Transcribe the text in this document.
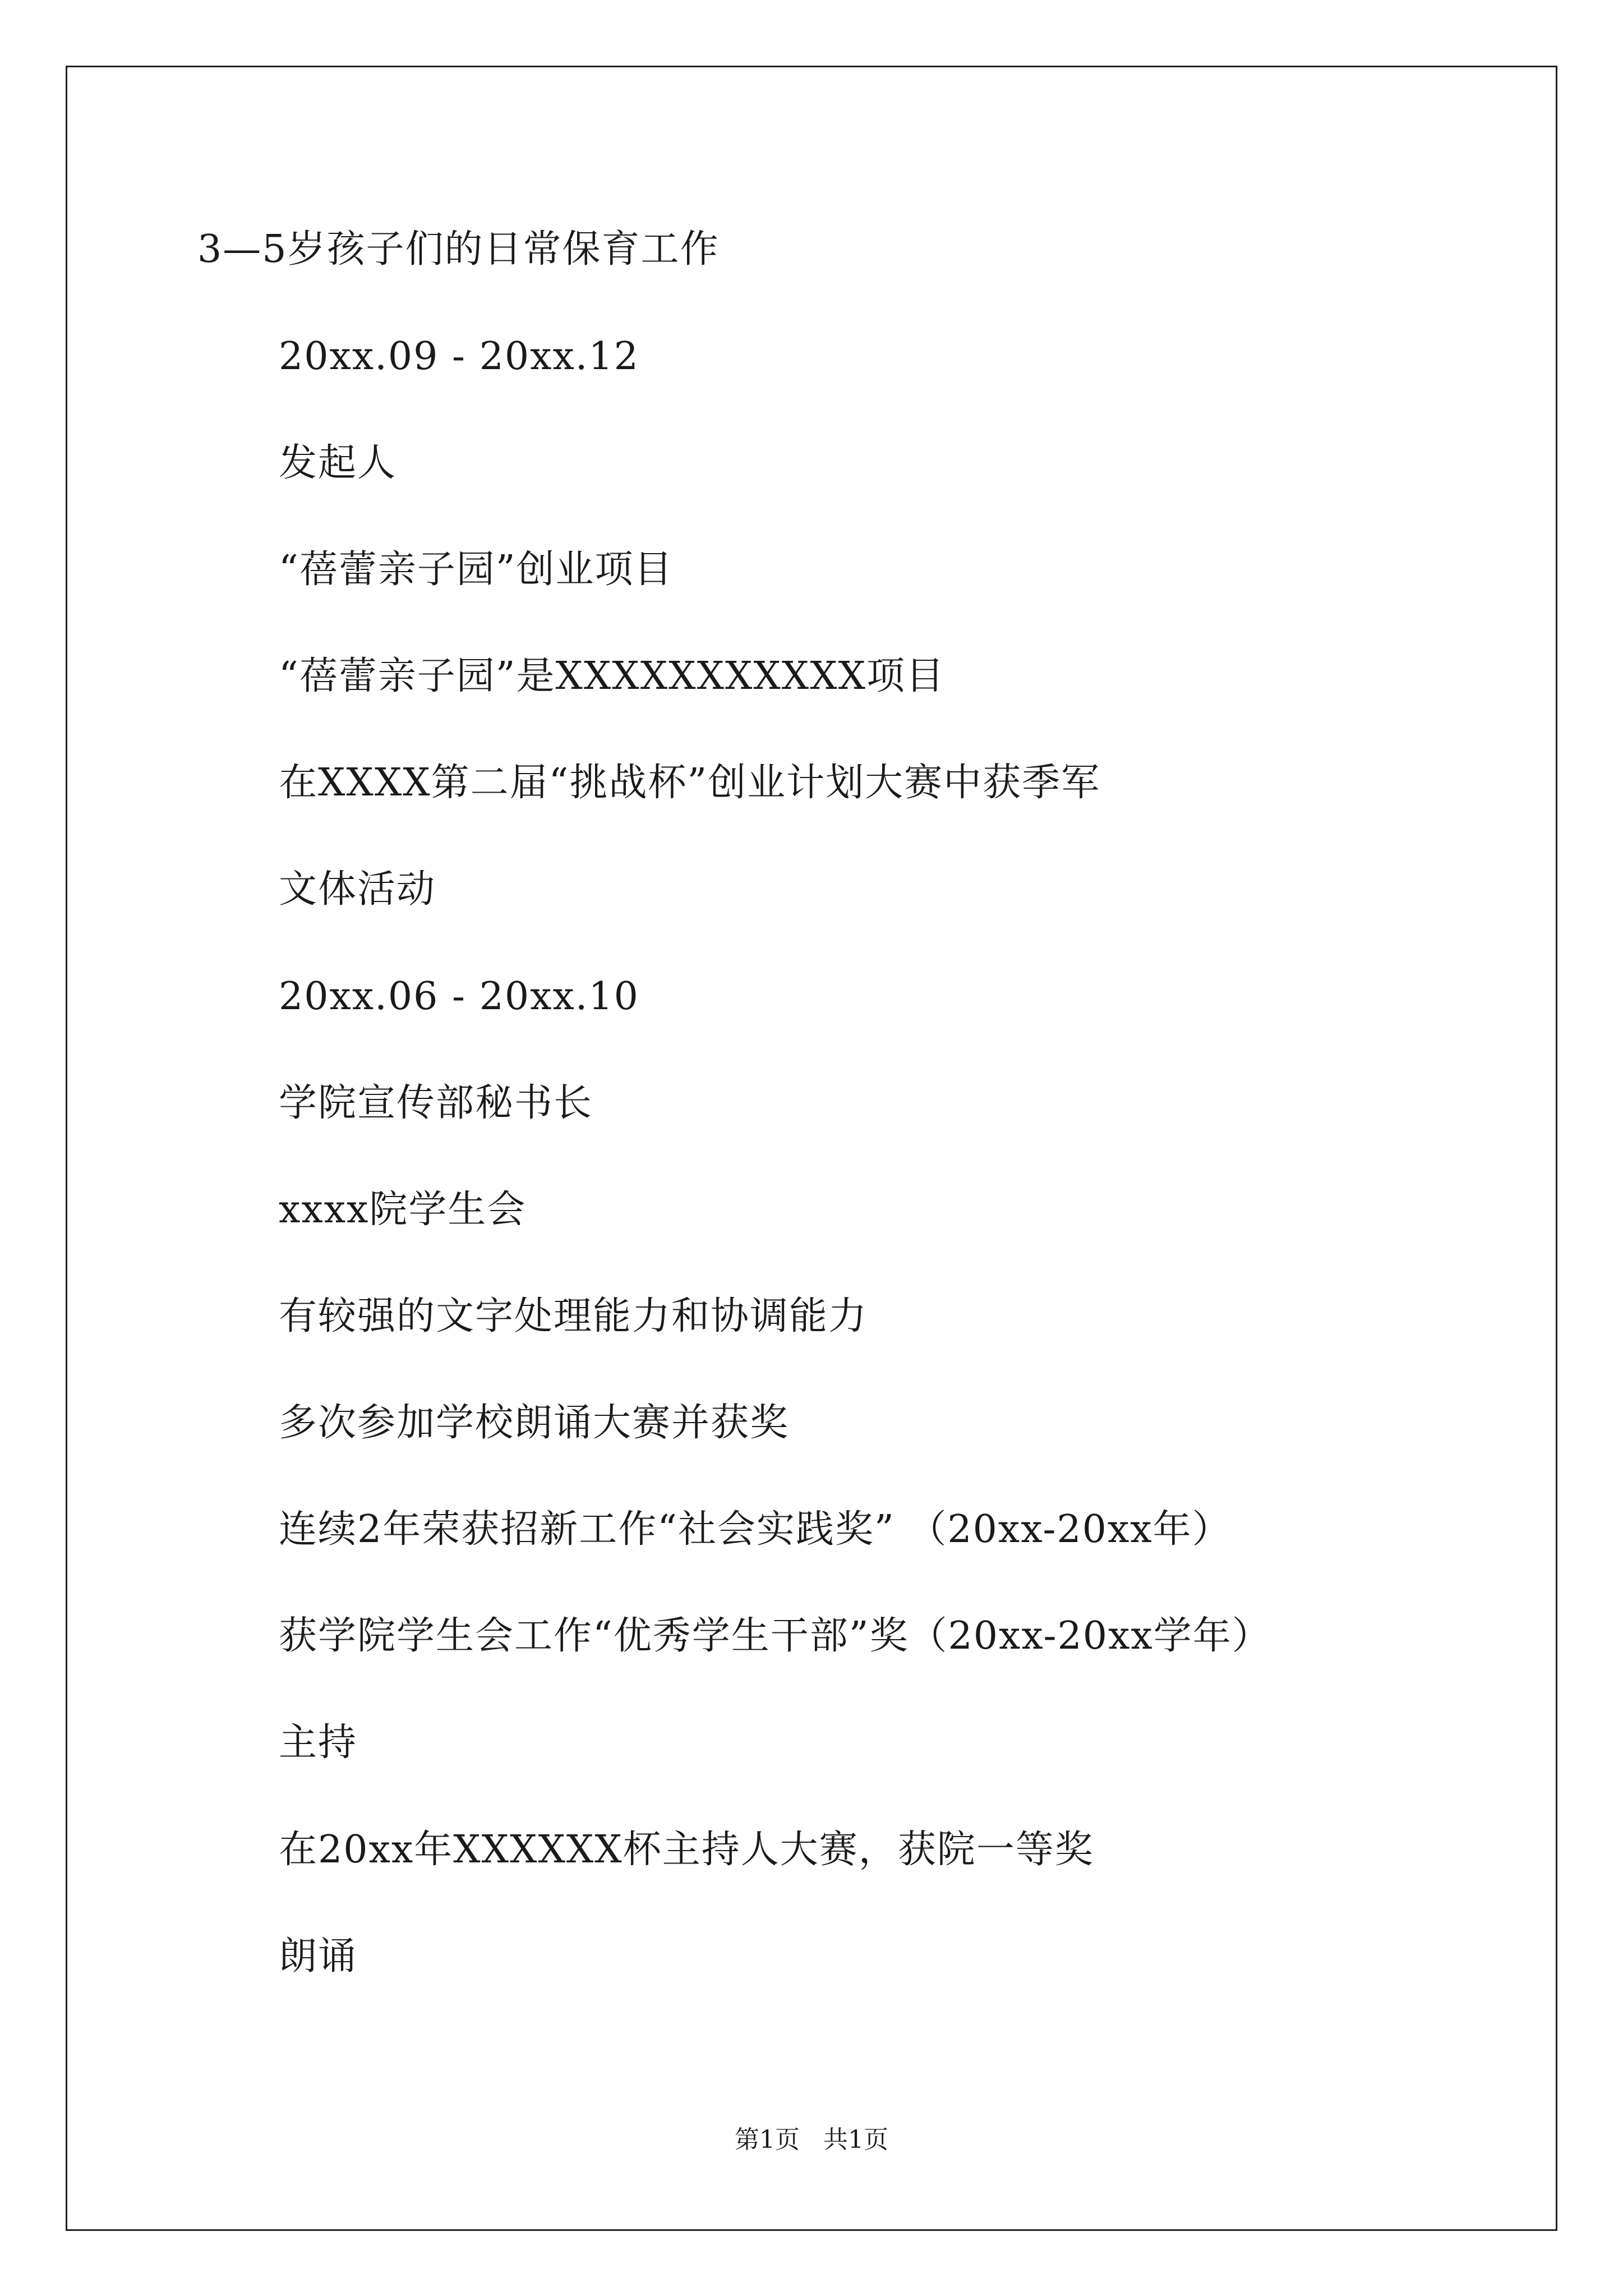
3—5岁孩子们的日常保育工作
20xx.09 - 20xx.12
发起人
“蓓蕾亲子园”创业项目
“蓓蕾亲子园”是XXXXXXXXXXX项目
在XXXX第二届“挑战杯”创业计划大赛中获季军
文体活动
20xx.06 - 20xx.10
学院宣传部秘书长
xxxx院学生会
有较强的文字处理能力和协调能力
多次参加学校朗诵大赛并获奖
连续2年荣获招新工作“社会实践奖” （20xx-20xx年）
获学院学生会工作“优秀学生干部”奖（20xx-20xx学年）
主持
在20xx年XXXXXX杯主持人大赛，获院一等奖
朗诵
第1页   共1页
